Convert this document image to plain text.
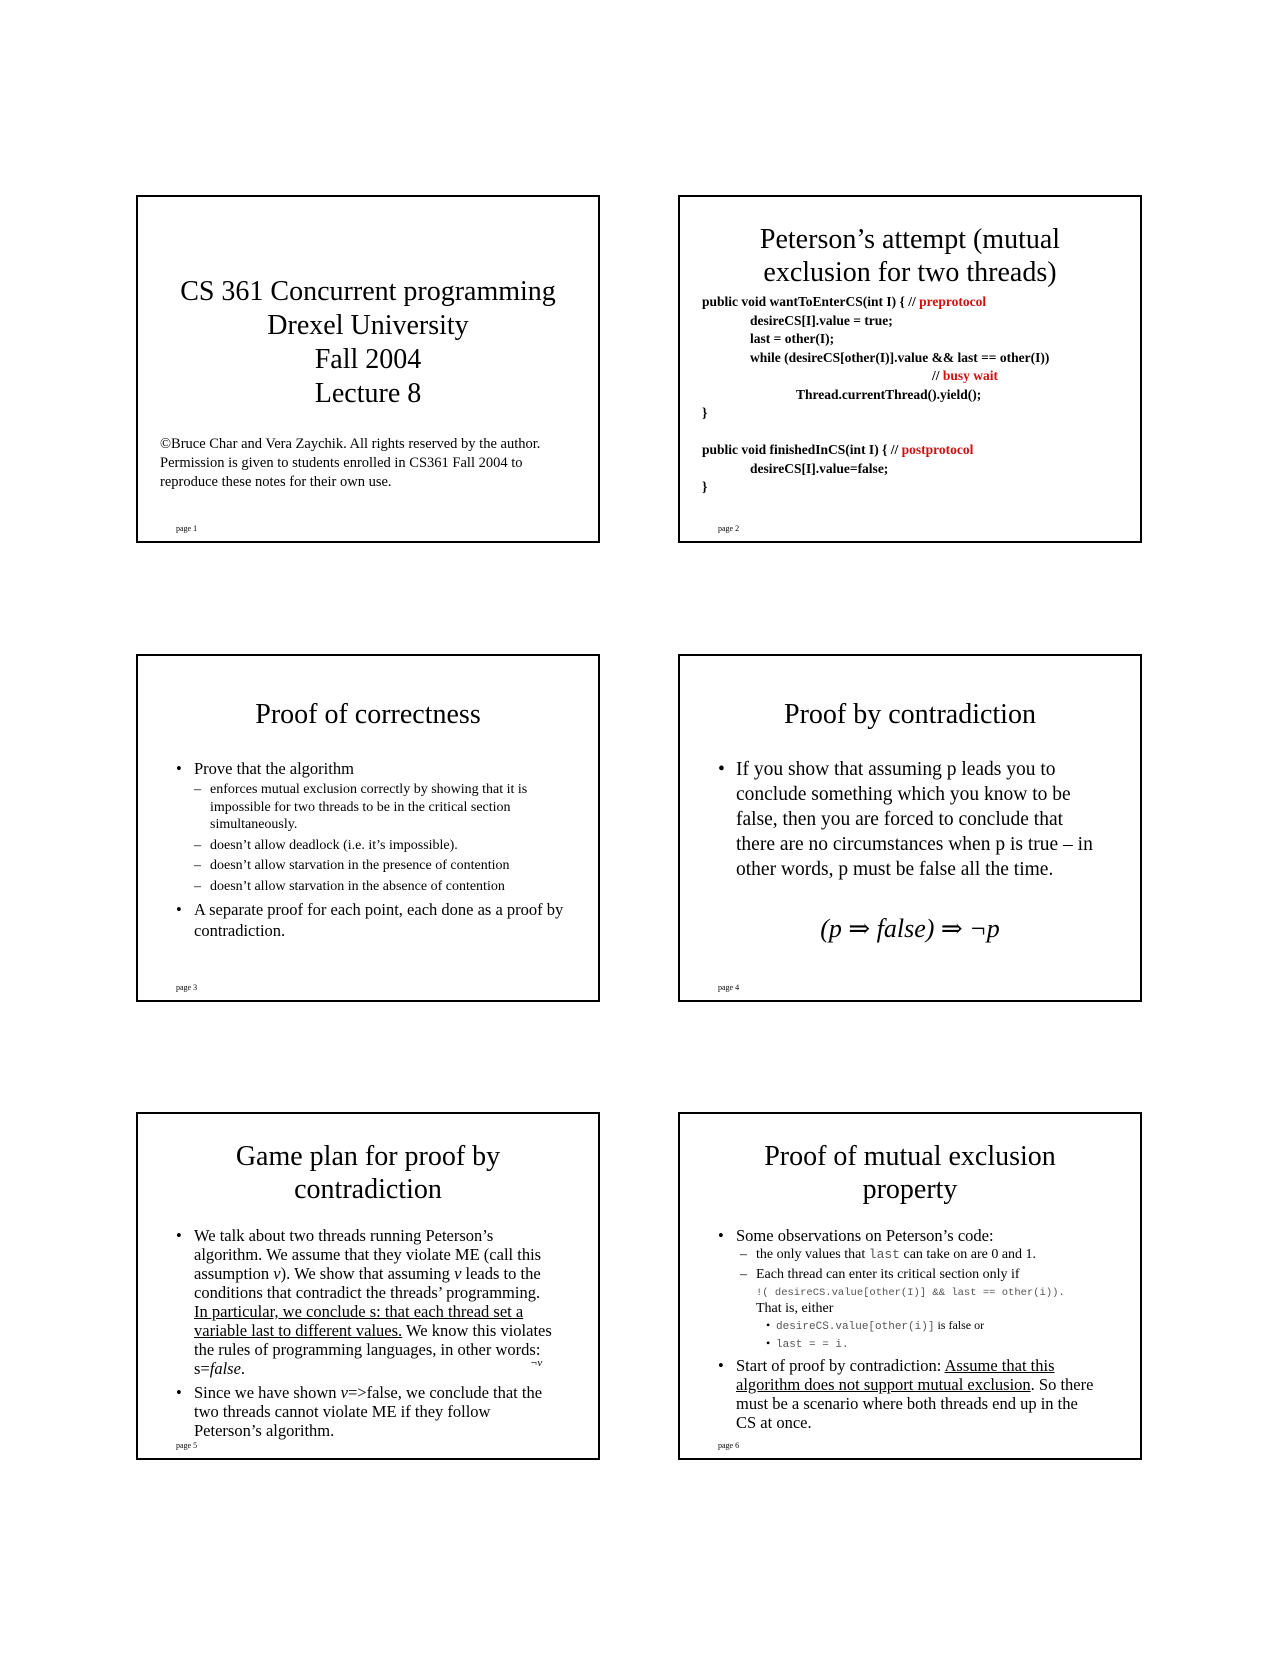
CS 361 Concurrent programming
Drexel University
Fall 2004
Lecture 8
©Bruce Char and Vera Zaychik. All rights reserved by the author. Permission is given to students enrolled in CS361 Fall 2004 to reproduce these notes for their own use.
page 1
Peterson’s attempt (mutual exclusion for two threads)
public void wantToEnterCS(int I) { // preprotocol
desireCS[I].value = true;
last = other(I);
while (desireCS[other(I)].value && last == other(I))
// busy wait
Thread.currentThread().yield();
}
public void finishedInCS(int I) { // postprotocol
desireCS[I].value=false;
}
page 2
Proof of correctness
• Prove that the algorithm
– enforces mutual exclusion correctly by showing that it is impossible for two threads to be in the critical section simultaneously.
– doesn’t allow deadlock (i.e. it’s impossible).
– doesn’t allow starvation in the presence of contention
– doesn’t allow starvation in the absence of contention
• A separate proof for each point, each done as a proof by contradiction.
page 3
Proof by contradiction
• If you show that assuming p leads you to conclude something which you know to be false, then you are forced to conclude that there are no circumstances when p is true – in other words, p must be false all the time.
(p ⇒ false) ⇒ ¬p
page 4
Game plan for proof by contradiction
• We talk about two threads running Peterson’s algorithm. We assume that they violate ME (call this assumption v). We show that assuming v leads to the conditions that contradict the threads’ programming. In particular, we conclude s: that each thread set a variable last to different values. We know this violates the rules of programming languages, in other words: s=false.
• Since we have shown v=>false, we conclude that the two threads cannot violate ME if they follow Peterson’s algorithm.
¬v
page 5
Proof of mutual exclusion property
• Some observations on Peterson’s code:
– the only values that last can take on are 0 and 1.
– Each thread can enter its critical section only if
!( desireCS.value[other(I)] && last == other(i)).
That is, either
• desireCS.value[other(i)] is false or
• last = = i.
• Start of proof by contradiction: Assume that this algorithm does not support mutual exclusion. So there must be a scenario where both threads end up in the CS at once.
page 6
